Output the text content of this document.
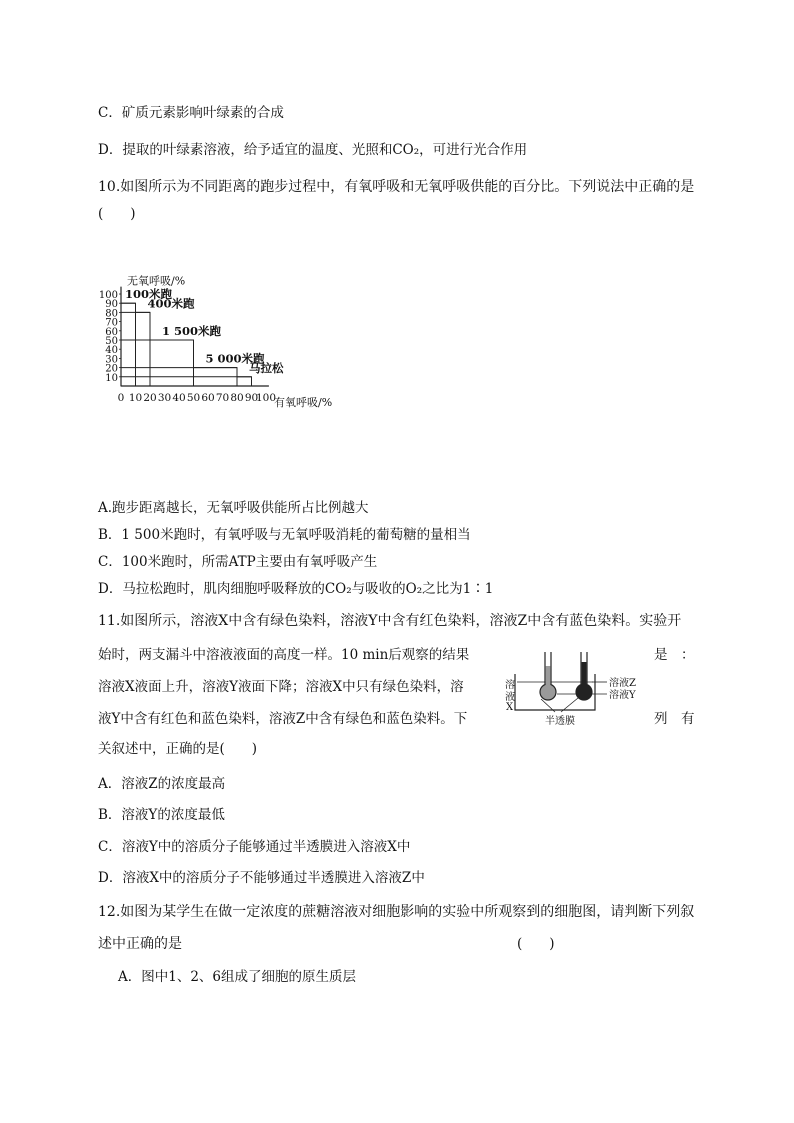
C．矿质元素影响叶绿素的合成
D．提取的叶绿素溶液，给予适宜的温度、光照和CO₂，可进行光合作用
10.如图所示为不同距离的跑步过程中，有氧呼吸和无氧呼吸供能的百分比。下列说法中正确的是
(　　)
无氧呼吸/%
有氧呼吸/%
10
20
30
40
50
60
70
80
90
100
0 10 20 30 40 50 60 70 80 90
100
100米跑
400米跑
1 500米跑
5 000米跑
马拉松
A.跑步距离越长，无氧呼吸供能所占比例越大
B．1 500米跑时，有氧呼吸与无氧呼吸消耗的葡萄糖的量相当
C．100米跑时，所需ATP主要由有氧呼吸产生
D．马拉松跑时，肌肉细胞呼吸释放的CO₂与吸收的O₂之比为1∶1
11.如图所示，溶液X中含有绿色染料，溶液Y中含有红色染料，溶液Z中含有蓝色染料。实验开
始时，两支漏斗中溶液液面的高度一样。10 min后观察的结果	是　：
溶液X液面上升，溶液Y液面下降；溶液X中只有绿色染料，溶
液Y中含有红色和蓝色染料，溶液Z中含有绿色和蓝色染料。下	列　有
关叙述中，正确的是(　　)
溶
液
X
溶液Z
溶液Y
半透膜
A．溶液Z的浓度最高
B．溶液Y的浓度最低
C．溶液Y中的溶质分子能够通过半透膜进入溶液X中
D．溶液X中的溶质分子不能够通过半透膜进入溶液Z中
12.如图为某学生在做一定浓度的蔗糖溶液对细胞影响的实验中所观察到的细胞图，请判断下列叙
述中正确的是	(　　)
A．图中1、2、6组成了细胞的原生质层
